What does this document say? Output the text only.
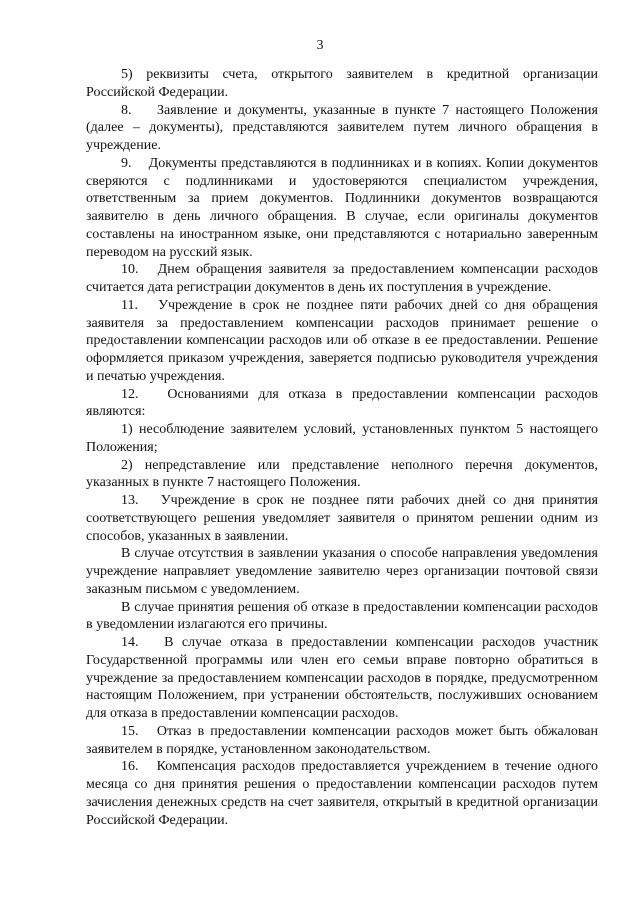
3

5) реквизиты счета, открытого заявителем в кредитной организации Российской Федерации.

8.    Заявление и документы, указанные в пункте 7 настоящего Положения (далее – документы), представляются заявителем путем личного обращения в учреждение.

9.    Документы представляются в подлинниках и в копиях. Копии документов сверяются с подлинниками и удостоверяются специалистом учреждения, ответственным за прием документов. Подлинники документов возвращаются заявителю в день личного обращения. В случае, если оригиналы документов составлены на иностранном языке, они представляются с нотариально заверенным переводом на русский язык.

10.   Днем обращения заявителя за предоставлением компенсации расходов считается дата регистрации документов в день их поступления в учреждение.

11.   Учреждение в срок не позднее пяти рабочих дней со дня обращения заявителя за предоставлением компенсации расходов принимает решение о предоставлении компенсации расходов или об отказе в ее предоставлении. Решение оформляется приказом учреждения, заверяется подписью руководителя учреждения и печатью учреждения.

12.   Основаниями для отказа в предоставлении компенсации расходов являются:

1) несоблюдение заявителем условий, установленных пунктом 5 настоящего Положения;

2) непредставление или представление неполного перечня документов, указанных в пункте 7 настоящего Положения.

13.   Учреждение в срок не позднее пяти рабочих дней со дня принятия соответствующего решения уведомляет заявителя о принятом решении одним из способов, указанных в заявлении.

В случае отсутствия в заявлении указания о способе направления уведомления учреждение направляет уведомление заявителю через организации почтовой связи заказным письмом с уведомлением.

В случае принятия решения об отказе в предоставлении компенсации расходов в уведомлении излагаются его причины.

14.   В случае отказа в предоставлении компенсации расходов участник Государственной программы или член его семьи вправе повторно обратиться в учреждение за предоставлением компенсации расходов в порядке, предусмотренном настоящим Положением, при устранении обстоятельств, послуживших основанием для отказа в предоставлении компенсации расходов.

15.   Отказ в предоставлении компенсации расходов может быть обжалован заявителем в порядке, установленном законодательством.

16.   Компенсация расходов предоставляется учреждением в течение одного месяца со дня принятия решения о предоставлении компенсации расходов путем зачисления денежных средств на счет заявителя, открытый в кредитной организации Российской Федерации.
